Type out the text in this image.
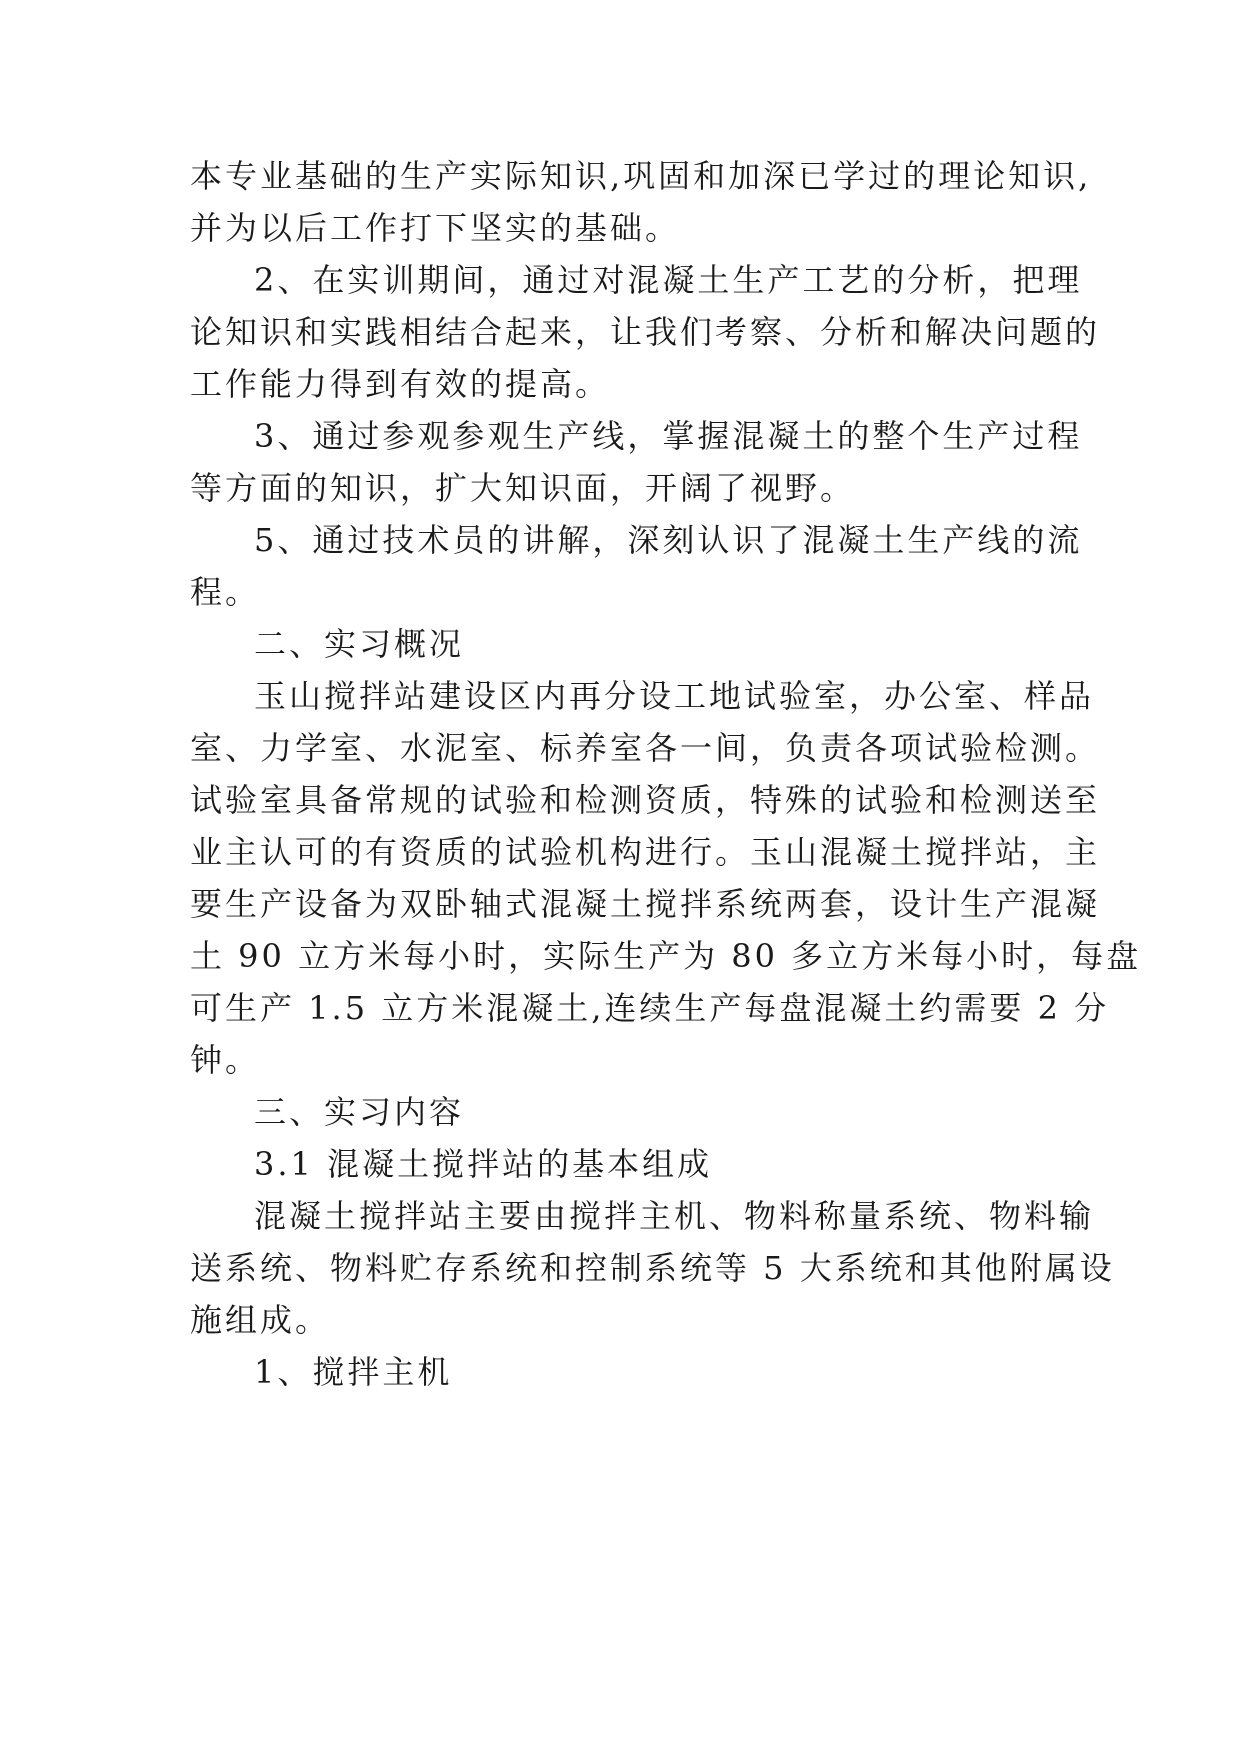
本专业基础的生产实际知识,巩固和加深已学过的理论知识,
并为以后工作打下坚实的基础。
2、在实训期间，通过对混凝土生产工艺的分析，把理
论知识和实践相结合起来，让我们考察、分析和解决问题的
工作能力得到有效的提高。
3、通过参观参观生产线，掌握混凝土的整个生产过程
等方面的知识，扩大知识面，开阔了视野。
5、通过技术员的讲解，深刻认识了混凝土生产线的流
程。
二、实习概况
玉山搅拌站建设区内再分设工地试验室，办公室、样品
室、力学室、水泥室、标养室各一间，负责各项试验检测。
试验室具备常规的试验和检测资质，特殊的试验和检测送至
业主认可的有资质的试验机构进行。玉山混凝土搅拌站，主
要生产设备为双卧轴式混凝土搅拌系统两套，设计生产混凝
土 90 立方米每小时，实际生产为 80 多立方米每小时，每盘
可生产 1.5 立方米混凝土,连续生产每盘混凝土约需要 2 分
钟。
三、实习内容
3.1 混凝土搅拌站的基本组成
混凝土搅拌站主要由搅拌主机、物料称量系统、物料输
送系统、物料贮存系统和控制系统等 5 大系统和其他附属设
施组成。
1、搅拌主机
